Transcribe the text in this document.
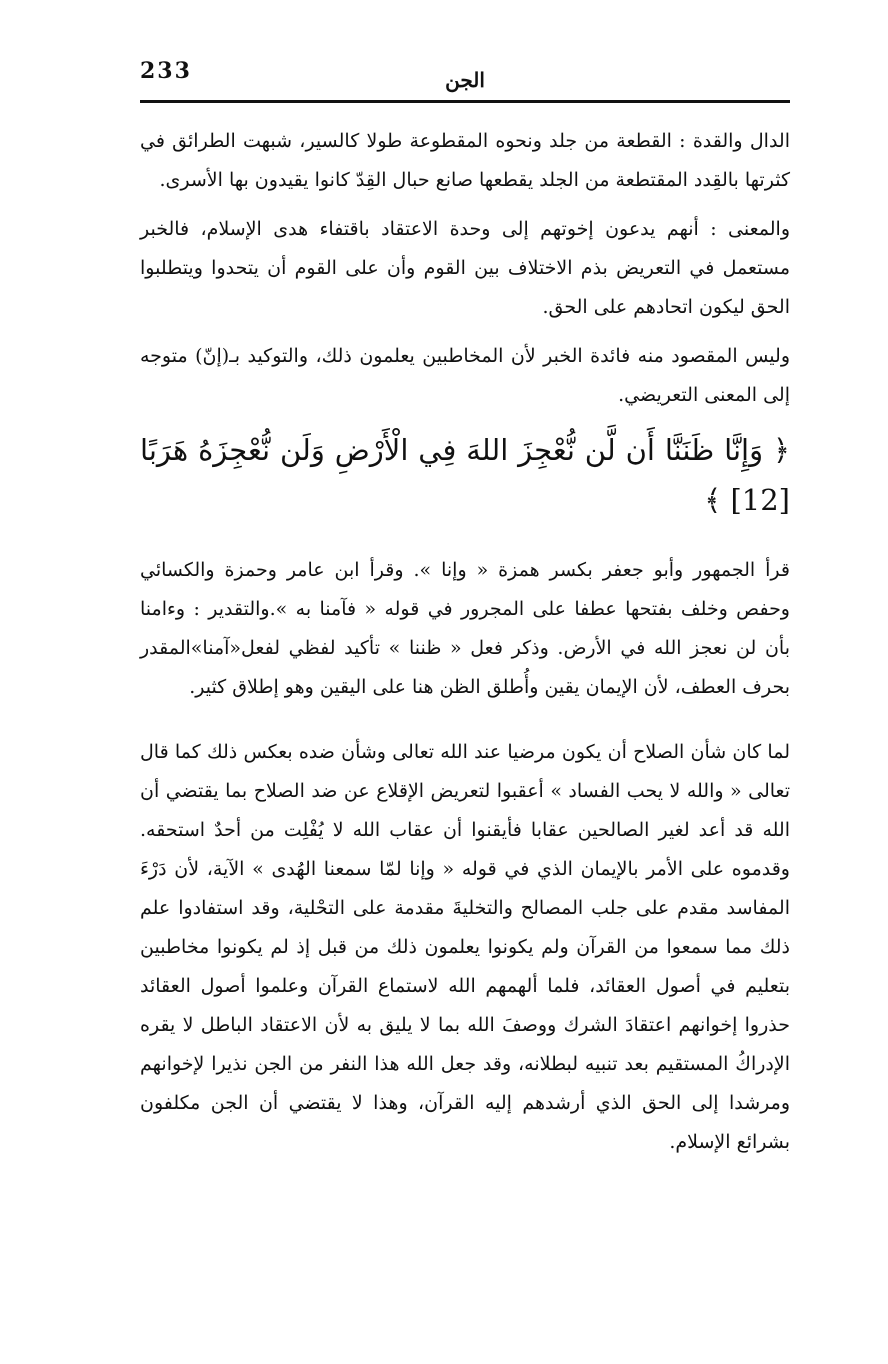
233	الجن

الدال والقدة : القطعة من جلد ونحوه المقطوعة طولا كالسير، شبهت الطرائق في كثرتها بالقِدد المقتطعة من الجلد يقطعها صانع حبال القِدّ كانوا يقيدون بها الأسرى.

والمعنى : أنهم يدعون إخوتهم إلى وحدة الاعتقاد باقتفاء هدى الإسلام، فالخبر مستعمل في التعريض بذم الاختلاف بين القوم وأن على القوم أن يتحدوا ويتطلبوا الحق ليكون اتحادهم على الحق.

وليس المقصود منه فائدة الخبر لأن المخاطبين يعلمون ذلك، والتوكيد بـ(إنّ) متوجه إلى المعنى التعريضي.

﴿ وَإِنَّا ظَنَنَّا أَن لَّن نُّعْجِزَ اللهَ فِي الْأَرْضِ وَلَن نُّعْجِزَهُ هَرَبًا [12] ﴾

قرأ الجمهور وأبو جعفر بكسر همزة « وإنا ». وقرأ ابن عامر وحمزة والكسائي وحفص وخلف بفتحها عطفا على المجرور في قوله « فآمنا به ».والتقدير : وءامنا بأن لن نعجز الله في الأرض. وذكر فعل « ظننا » تأكيد لفظي لفعل«آمنا»المقدر بحرف العطف، لأن الإيمان يقين وأُطلق الظن هنا على اليقين وهو إطلاق كثير.

لما كان شأن الصلاح أن يكون مرضيا عند الله تعالى وشأن ضده بعكس ذلك كما قال تعالى « والله لا يحب الفساد » أعقبوا لتعريض الإقلاع عن ضد الصلاح بما يقتضي أن الله قد أعد لغير الصالحين عقابا فأيقنوا أن عقاب الله لا يُفْلِت من أحدٌ استحقه. وقدموه على الأمر بالإيمان الذي في قوله « وإنا لمّا سمعنا الهُدى » الآية، لأن دَرْءَ المفاسد مقدم على جلب المصالح والتخليةَ مقدمة على التحْلية، وقد استفادوا علم ذلك مما سمعوا من القرآن ولم يكونوا يعلمون ذلك من قبل إذ لم يكونوا مخاطبين بتعليم في أصول العقائد، فلما ألهمهم الله لاستماع القرآن وعلموا أصول العقائد حذروا إخوانهم اعتقادَ الشرك ووصفَ الله بما لا يليق به لأن الاعتقاد الباطل لا يقره الإدراكُ المستقيم بعد تنبيه لبطلانه، وقد جعل الله هذا النفر من الجن نذيرا لإخوانهم ومرشدا إلى الحق الذي أرشدهم إليه القرآن، وهذا لا يقتضي أن الجن مكلفون بشرائع الإسلام.
